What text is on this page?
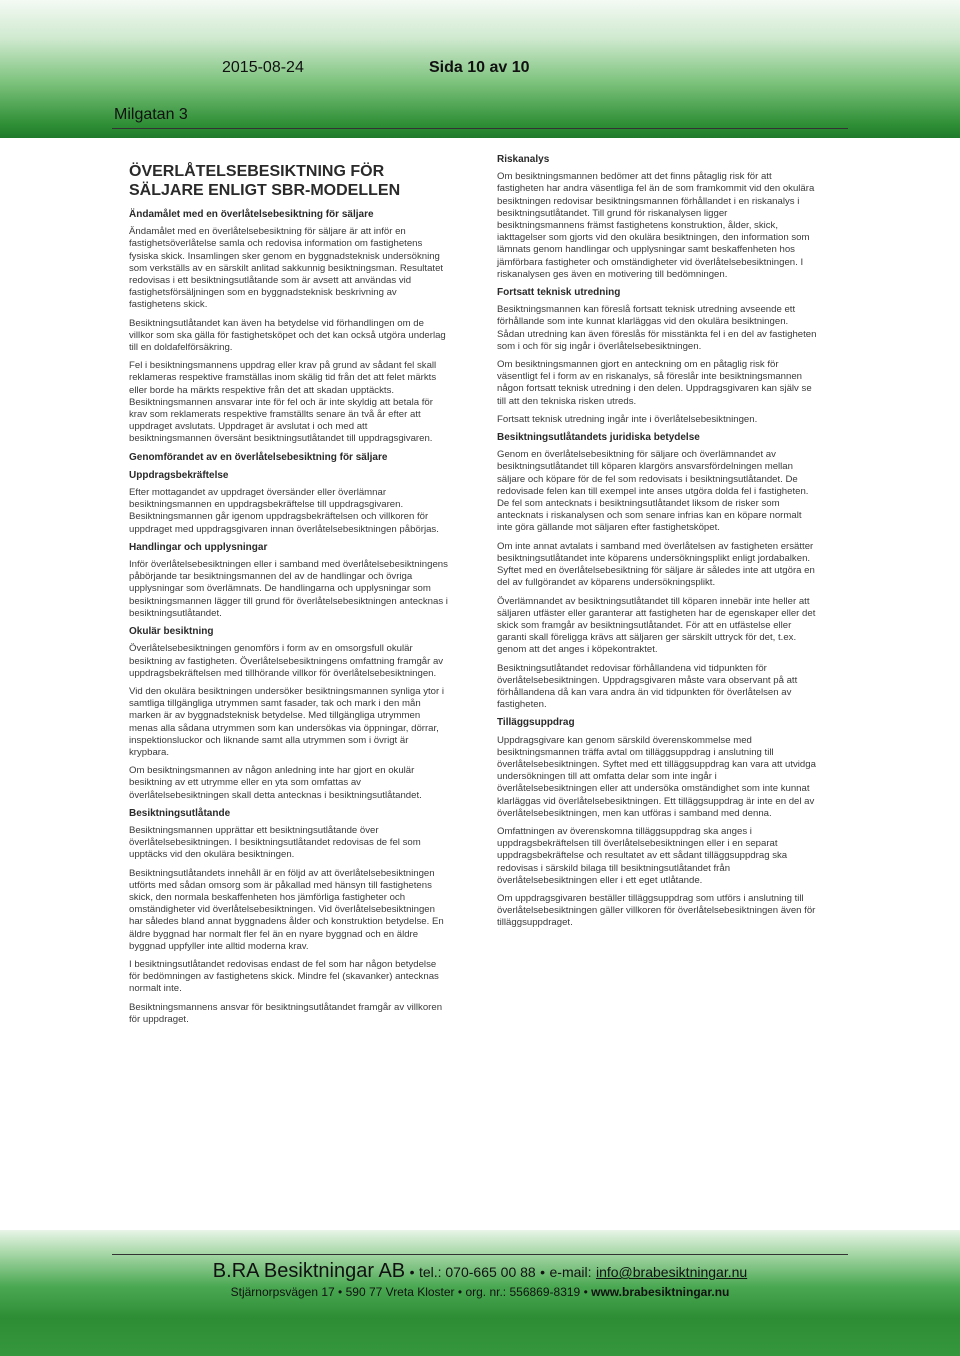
2015-08-24	Sida 10 av 10
Milgatan 3
ÖVERLÅTELSEBESIKTNING FÖR SÄLJARE ENLIGT SBR-MODELLEN
Ändamålet med en överlåtelsebesiktning för säljare
Ändamålet med en överlåtelsebesiktning för säljare är att inför en fastighetsöverlåtelse samla och redovisa information om fastighetens fysiska skick. Insamlingen sker genom en byggnadsteknisk undersökning som verkställs av en särskilt anlitad sakkunnig besiktningsman. Resultatet redovisas i ett besiktningsutlåtande som är avsett att användas vid fastighetsförsäljningen som en byggnadsteknisk beskrivning av fastighetens skick.
Besiktningsutlåtandet kan även ha betydelse vid förhandlingen om de villkor som ska gälla för fastighetsköpet och det kan också utgöra underlag till en doldafelförsäkring.
Fel i besiktningsmannens uppdrag eller krav på grund av sådant fel skall reklameras respektive framställas inom skälig tid från det att felet märkts eller borde ha märkts respektive från det att skadan upptäckts. Besiktningsmannen ansvarar inte för fel och är inte skyldig att betala för krav som reklamerats respektive framställts senare än två år efter att uppdraget avslutats. Uppdraget är avslutat i och med att besiktningsmannen översänt besiktningsutlåtandet till uppdragsgivaren.
Genomförandet av en överlåtelsebesiktning för säljare
Uppdragsbekräftelse
Efter mottagandet av uppdraget översänder eller överlämnar besiktningsmannen en uppdragsbekräftelse till uppdragsgivaren. Besiktningsmannen går igenom uppdragsbekräftelsen och villkoren för uppdraget med uppdragsgivaren innan överlåtelsebesiktningen påbörjas.
Handlingar och upplysningar
Inför överlåtelsebesiktningen eller i samband med överlåtelsebesiktningens påbörjande tar besiktningsmannen del av de handlingar och övriga upplysningar som överlämnats. De handlingarna och upplysningar som besiktningsmannen lägger till grund för överlåtelsebesiktningen antecknas i besiktningsutlåtandet.
Okulär besiktning
Överlåtelsebesiktningen genomförs i form av en omsorgsfull okulär besiktning av fastigheten. Överlåtelsebesiktningens omfattning framgår av uppdragsbekräftelsen med tillhörande villkor för överlåtelsebesiktningen.
Vid den okulära besiktningen undersöker besiktningsmannen synliga ytor i samtliga tillgängliga utrymmen samt fasader, tak och mark i den mån marken är av byggnadsteknisk betydelse. Med tillgängliga utrymmen menas alla sådana utrymmen som kan undersökas via öppningar, dörrar, inspektionsluckor och liknande samt alla utrymmen som i övrigt är krypbara.
Om besiktningsmannen av någon anledning inte har gjort en okulär besiktning av ett utrymme eller en yta som omfattas av överlåtelsebesiktningen skall detta antecknas i besiktningsutlåtandet.
Besiktningsutlåtande
Besiktningsmannen upprättar ett besiktningsutlåtande över överlåtelsebesiktningen. I besiktningsutlåtandet redovisas de fel som upptäcks vid den okulära besiktningen.
Besiktningsutlåtandets innehåll är en följd av att överlåtelsebesiktningen utförts med sådan omsorg som är påkallad med hänsyn till fastighetens skick, den normala beskaffenheten hos jämförliga fastigheter och omständigheter vid överlåtelsebesiktningen. Vid överlåtelsebesiktningen har således bland annat byggnadens ålder och konstruktion betydelse. En äldre byggnad har normalt fler fel än en nyare byggnad och en äldre byggnad uppfyller inte alltid moderna krav.
I besiktningsutlåtandet redovisas endast de fel som har någon betydelse för bedömningen av fastighetens skick. Mindre fel (skavanker) antecknas normalt inte.
Besiktningsmannens ansvar för besiktningsutlåtandet framgår av villkoren för uppdraget.
Riskanalys
Om besiktningsmannen bedömer att det finns påtaglig risk för att fastigheten har andra väsentliga fel än de som framkommit vid den okulära besiktningen redovisar besiktningsmannen förhållandet i en riskanalys i besiktningsutlåtandet. Till grund för riskanalysen ligger besiktningsmannens främst fastighetens konstruktion, ålder, skick, iakttagelser som gjorts vid den okulära besiktningen, den information som lämnats genom handlingar och upplysningar samt beskaffenheten hos jämförbara fastigheter och omständigheter vid överlåtelsebesiktningen. I riskanalysen ges även en motivering till bedömningen.
Fortsatt teknisk utredning
Besiktningsmannen kan föreslå fortsatt teknisk utredning avseende ett förhållande som inte kunnat klarläggas vid den okulära besiktningen. Sådan utredning kan även föreslås för misstänkta fel i en del av fastigheten som i och för sig ingår i överlåtelsebesiktningen.
Om besiktningsmannen gjort en anteckning om en påtaglig risk för väsentligt fel i form av en riskanalys, så föreslår inte besiktningsmannen någon fortsatt teknisk utredning i den delen. Uppdragsgivaren kan själv se till att den tekniska risken utreds.
Fortsatt teknisk utredning ingår inte i överlåtelsebesiktningen.
Besiktningsutlåtandets juridiska betydelse
Genom en överlåtelsebesiktning för säljare och överlämnandet av besiktningsutlåtandet till köparen klargörs ansvarsfördelningen mellan säljare och köpare för de fel som redovisats i besiktningsutlåtandet. De redovisade felen kan till exempel inte anses utgöra dolda fel i fastigheten. De fel som antecknats i besiktningsutlåtandet liksom de risker som antecknats i riskanalysen och som senare infrias kan en köpare normalt inte göra gällande mot säljaren efter fastighetsköpet.
Om inte annat avtalats i samband med överlåtelsen av fastigheten ersätter besiktningsutlåtandet inte köparens undersökningsplikt enligt jordabalken. Syftet med en överlåtelsebesiktning för säljare är således inte att utgöra en del av fullgörandet av köparens undersökningsplikt.
Överlämnandet av besiktningsutlåtandet till köparen innebär inte heller att säljaren utfäster eller garanterar att fastigheten har de egenskaper eller det skick som framgår av besiktningsutlåtandet. För att en utfästelse eller garanti skall föreligga krävs att säljaren ger särskilt uttryck för det, t.ex. genom att det anges i köpekontraktet.
Besiktningsutlåtandet redovisar förhållandena vid tidpunkten för överlåtelsebesiktningen. Uppdragsgivaren måste vara observant på att förhållandena då kan vara andra än vid tidpunkten för överlåtelsen av fastigheten.
Tilläggsuppdrag
Uppdragsgivare kan genom särskild överenskommelse med besiktningsmannen träffa avtal om tilläggsuppdrag i anslutning till överlåtelsebesiktningen. Syftet med ett tilläggsuppdrag kan vara att utvidga undersökningen till att omfatta delar som inte ingår i överlåtelsebesiktningen eller att undersöka omständighet som inte kunnat klarläggas vid överlåtelsebesiktningen. Ett tilläggsuppdrag är inte en del av överlåtelsebesiktningen, men kan utföras i samband med denna.
Omfattningen av överenskomna tilläggsuppdrag ska anges i uppdragsbekräftelsen till överlåtelsebesiktningen eller i en separat uppdragsbekräftelse och resultatet av ett sådant tilläggsuppdrag ska redovisas i särskild bilaga till besiktningsutlåtandet från överlåtelsebesiktningen eller i ett eget utlåtande.
Om uppdragsgivaren beställer tilläggsuppdrag som utförs i anslutning till överlåtelsebesiktningen gäller villkoren för överlåtelsebesiktningen även för tilläggsuppdraget.
B.RA Besiktningar AB • tel.: 070-665 00 88 • e-mail: info@brabesiktningar.nu
Stjärnorpsvägen 17 • 590 77 Vreta Kloster • org. nr.: 556869-8319 • www.brabesiktningar.nu
